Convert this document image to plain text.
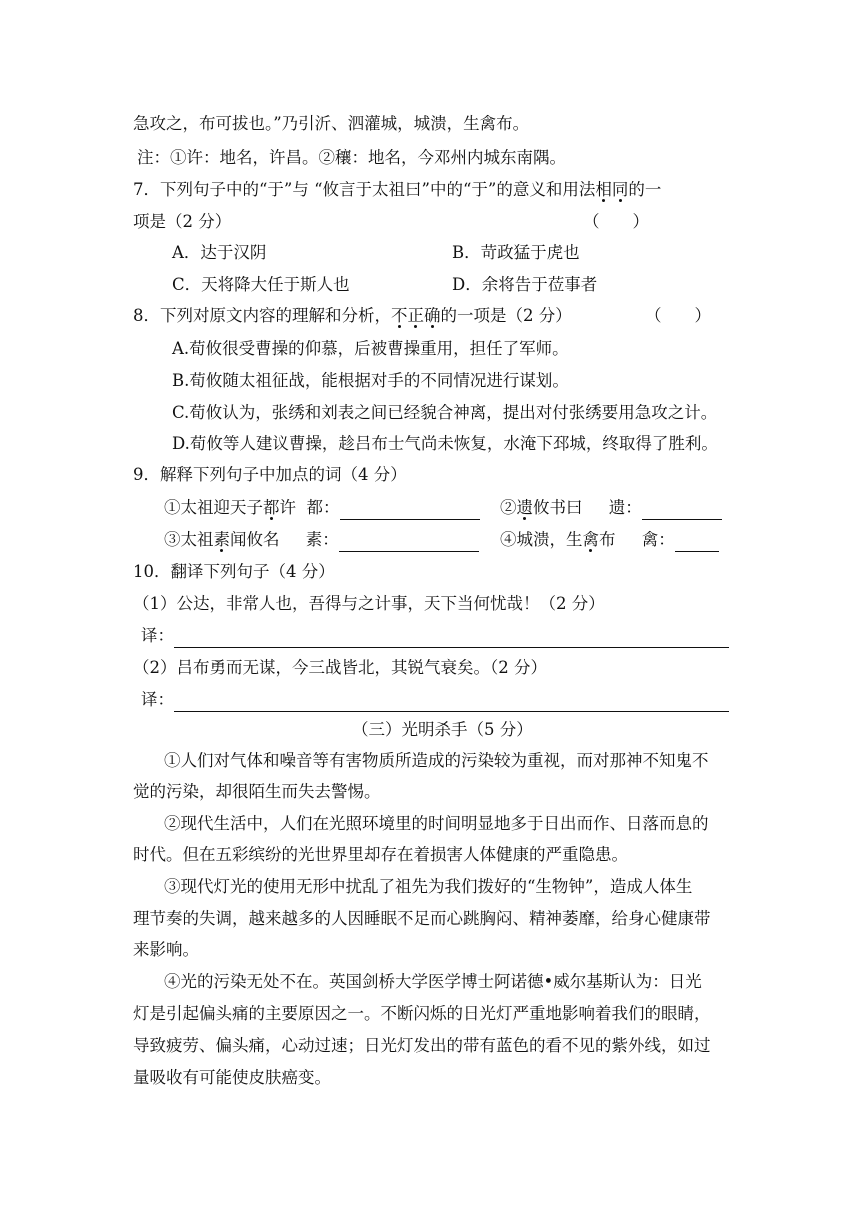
急攻之，布可拔也。”乃引沂、泗灌城，城溃，生禽布。
注：①许：地名，许昌。②穰：地名，今邓州内城东南隅。
7．下列句子中的“于”与 “攸言于太祖曰”中的“于”的意义和用法相同的一
项是（2 分）	（　　）
A．达于汉阴	B．苛政猛于虎也
C．天将降大任于斯人也	D．余将告于莅事者
8．下列对原文内容的理解和分析，不正确的一项是（2 分）	（　　）
A.荀攸很受曹操的仰慕，后被曹操重用，担任了军师。
B.荀攸随太祖征战，能根据对手的不同情况进行谋划。
C.荀攸认为，张绣和刘表之间已经貌合神离，提出对付张绣要用急攻之计。
D.荀攸等人建议曹操，趁吕布士气尚未恢复，水淹下邳城，终取得了胜利。
9．解释下列句子中加点的词（4 分）
①太祖迎天子都许 都：	②遗攸书曰 遗：
③太祖素闻攸名 素：	④城溃，生禽布 禽：
10．翻译下列句子（4 分）
（1）公达，非常人也，吾得与之计事，天下当何忧哉！（2 分）
译：
（2）吕布勇而无谋，今三战皆北，其锐气衰矣。（2 分）
译：
（三）光明杀手（5 分）
①人们对气体和噪音等有害物质所造成的污染较为重视，而对那神不知鬼不
觉的污染，却很陌生而失去警惕。
②现代生活中，人们在光照环境里的时间明显地多于日出而作、日落而息的
时代。但在五彩缤纷的光世界里却存在着损害人体健康的严重隐患。
③现代灯光的使用无形中扰乱了祖先为我们拨好的“生物钟”，造成人体生
理节奏的失调，越来越多的人因睡眠不足而心跳胸闷、精神萎靡，给身心健康带
来影响。
④光的污染无处不在。英国剑桥大学医学博士阿诺德•威尔基斯认为：日光
灯是引起偏头痛的主要原因之一。不断闪烁的日光灯严重地影响着我们的眼睛，
导致疲劳、偏头痛，心动过速；日光灯发出的带有蓝色的看不见的紫外线，如过
量吸收有可能使皮肤癌变。
